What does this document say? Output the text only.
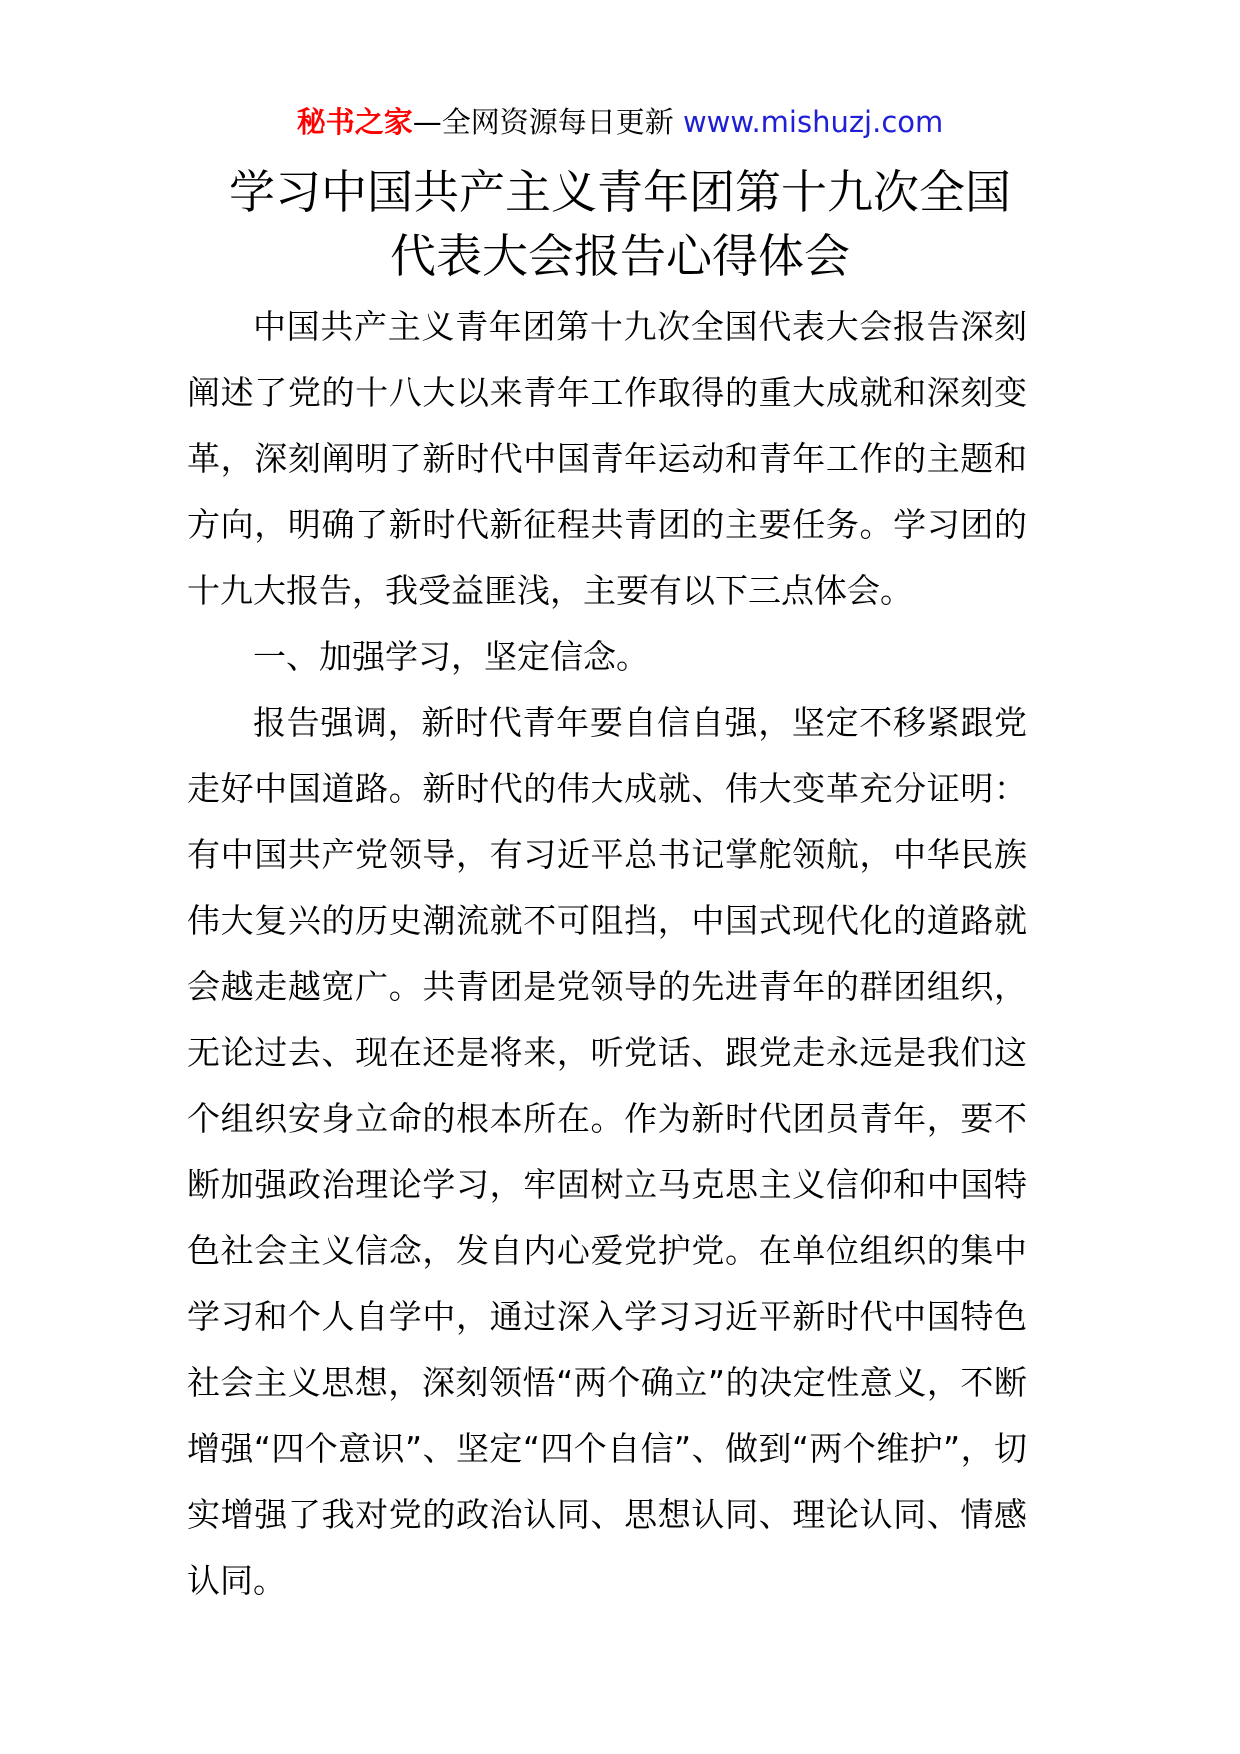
秘书之家—全网资源每日更新 www.mishuzj.com
学习中国共产主义青年团第十九次全国
代表大会报告心得体会

中国共产主义青年团第十九次全国代表大会报告深刻阐述了党的十八大以来青年工作取得的重大成就和深刻变革，深刻阐明了新时代中国青年运动和青年工作的主题和方向，明确了新时代新征程共青团的主要任务。学习团的十九大报告，我受益匪浅，主要有以下三点体会。

一、加强学习，坚定信念。

报告强调，新时代青年要自信自强，坚定不移紧跟党走好中国道路。新时代的伟大成就、伟大变革充分证明：有中国共产党领导，有习近平总书记掌舵领航，中华民族伟大复兴的历史潮流就不可阻挡，中国式现代化的道路就会越走越宽广。共青团是党领导的先进青年的群团组织，无论过去、现在还是将来，听党话、跟党走永远是我们这个组织安身立命的根本所在。作为新时代团员青年，要不断加强政治理论学习，牢固树立马克思主义信仰和中国特色社会主义信念，发自内心爱党护党。在单位组织的集中学习和个人自学中，通过深入学习习近平新时代中国特色社会主义思想，深刻领悟“两个确立”的决定性意义，不断增强“四个意识”、坚定“四个自信”、做到“两个维护”，切实增强了我对党的政治认同、思想认同、理论认同、情感认同。
